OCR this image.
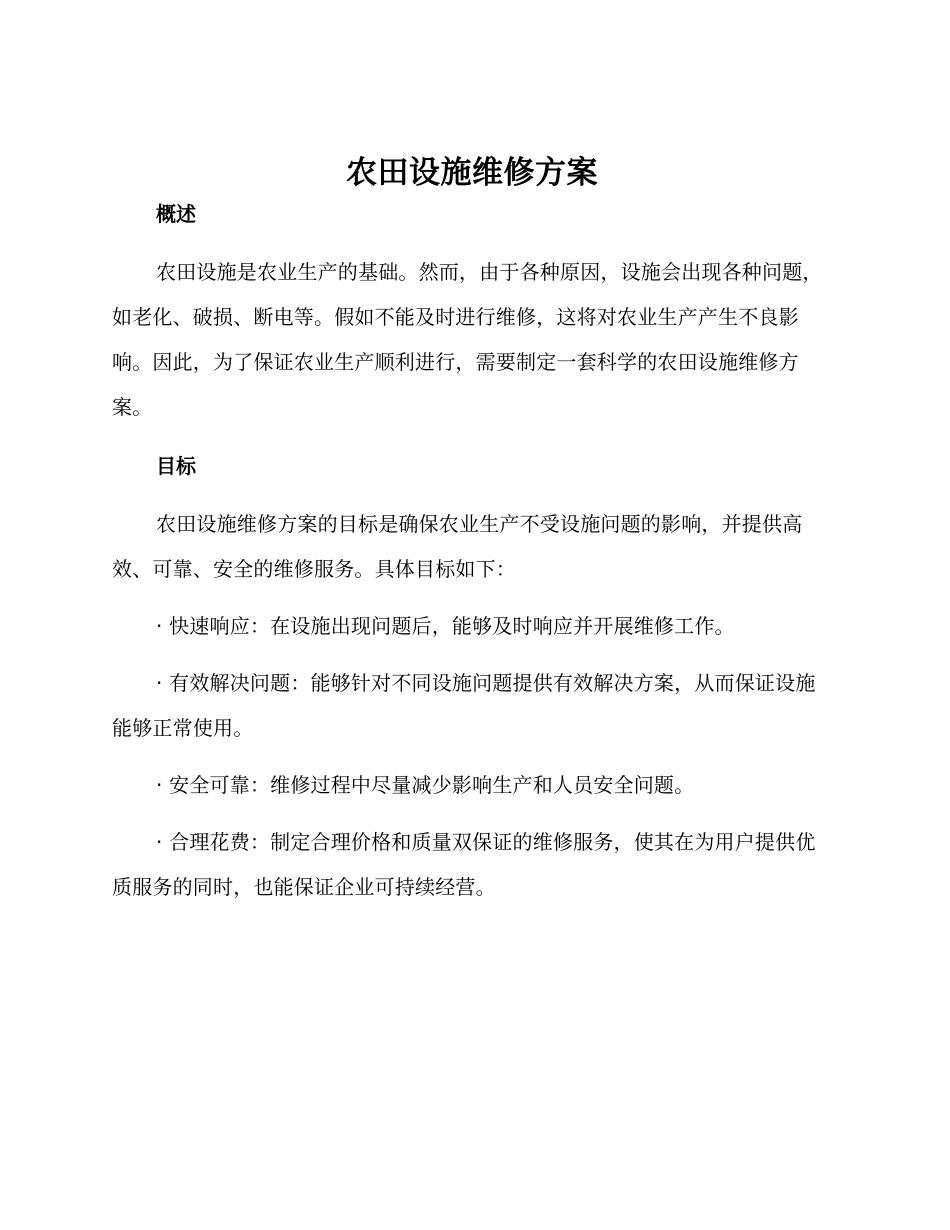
农田设施维修方案
概述

农田设施是农业生产的基础。然而，由于各种原因，设施会出现各种问题，如老化、破损、断电等。假如不能及时进行维修，这将对农业生产产生不良影响。因此，为了保证农业生产顺利进行，需要制定一套科学的农田设施维修方案。

目标

农田设施维修方案的目标是确保农业生产不受设施问题的影响，并提供高效、可靠、安全的维修服务。具体目标如下：

· 快速响应：在设施出现问题后，能够及时响应并开展维修工作。

· 有效解决问题：能够针对不同设施问题提供有效解决方案，从而保证设施能够正常使用。

· 安全可靠：维修过程中尽量减少影响生产和人员安全问题。

· 合理花费：制定合理价格和质量双保证的维修服务，使其在为用户提供优质服务的同时，也能保证企业可持续经营。
